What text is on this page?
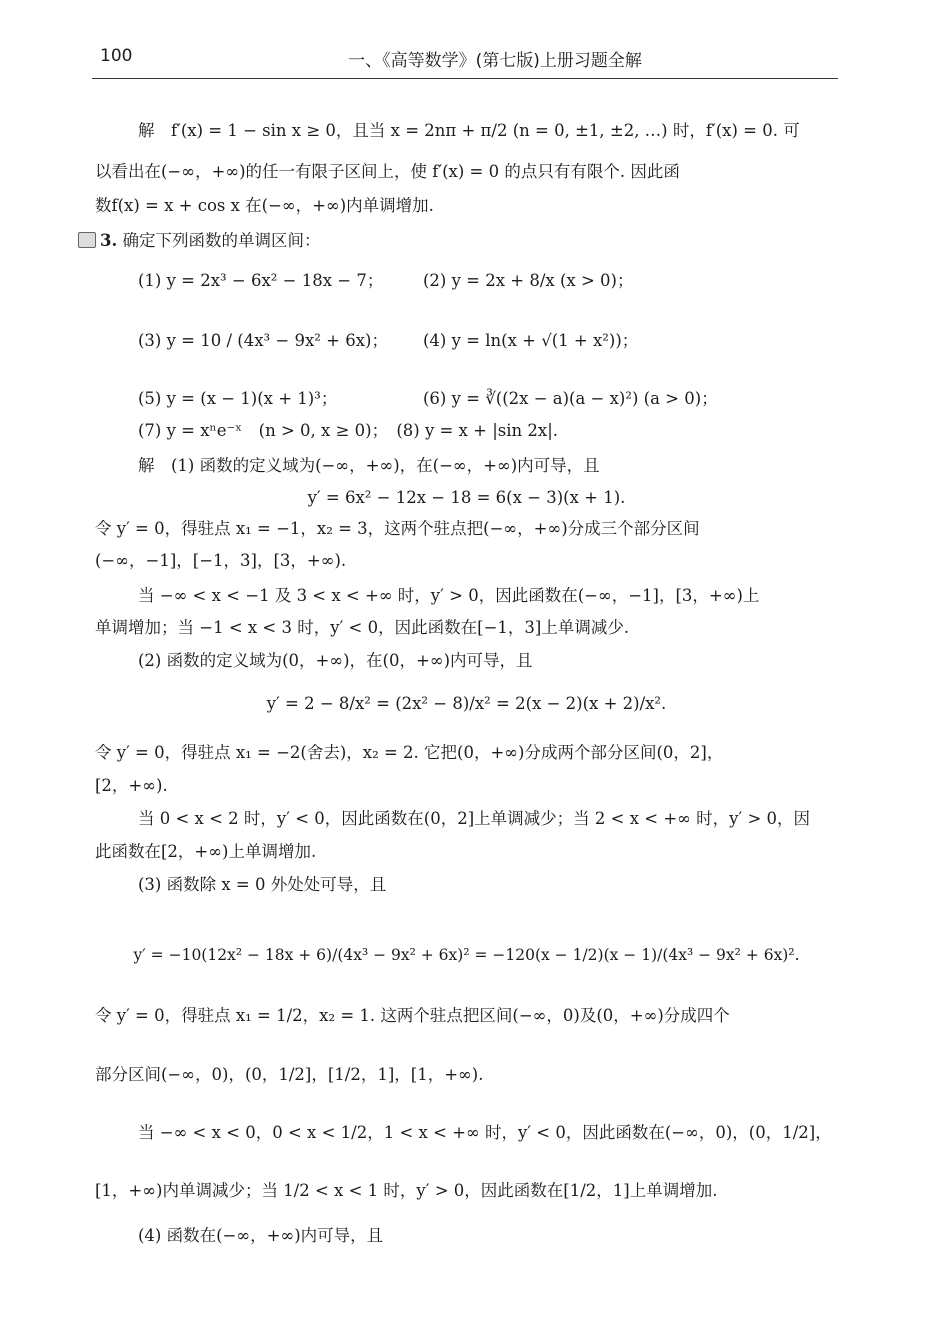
100	一、《高等数学》(第七版)上册习题全解
解　f′(x) = 1 − sin x ≥ 0，且当 x = 2nπ + π/2 (n = 0, ±1, ±2, …) 时，f′(x) = 0. 可
以看出在(−∞，+∞)的任一有限子区间上，使 f′(x) = 0 的点只有有限个. 因此函
数f(x) = x + cos x 在(−∞，+∞)内单调增加.
3. 确定下列函数的单调区间：
(1) y = 2x³ − 6x² − 18x − 7；	(2) y = 2x + 8/x (x > 0)；
(3) y = 10 / (4x³ − 9x² + 6x)；	(4) y = ln(x + √(1 + x²))；
(5) y = (x − 1)(x + 1)³；	(6) y = ∛((2x − a)(a − x)²) (a > 0)；
(7) y = xⁿe⁻ˣ　(n > 0, x ≥ 0)；　(8) y = x + |sin 2x|.
解　(1) 函数的定义域为(−∞，+∞)，在(−∞，+∞)内可导，且
y′ = 6x² − 12x − 18 = 6(x − 3)(x + 1).
令 y′ = 0，得驻点 x₁ = −1，x₂ = 3，这两个驻点把(−∞，+∞)分成三个部分区间
(−∞，−1]，[−1，3]，[3，+∞).
当 −∞ < x < −1 及 3 < x < +∞ 时，y′ > 0，因此函数在(−∞，−1]，[3，+∞)上
单调增加；当 −1 < x < 3 时，y′ < 0，因此函数在[−1，3]上单调减少.
(2) 函数的定义域为(0，+∞)，在(0，+∞)内可导，且
y′ = 2 − 8/x² = (2x² − 8)/x² = 2(x − 2)(x + 2)/x².
令 y′ = 0，得驻点 x₁ = −2(舍去)，x₂ = 2. 它把(0，+∞)分成两个部分区间(0，2]，
[2，+∞).
当 0 < x < 2 时，y′ < 0，因此函数在(0，2]上单调减少；当 2 < x < +∞ 时，y′ > 0，因
此函数在[2，+∞)上单调增加.
(3) 函数除 x = 0 外处处可导，且
y′ = −10(12x² − 18x + 6)/(4x³ − 9x² + 6x)² = −120(x − 1/2)(x − 1)/(4x³ − 9x² + 6x)².
令 y′ = 0，得驻点 x₁ = 1/2，x₂ = 1. 这两个驻点把区间(−∞，0)及(0，+∞)分成四个
部分区间(−∞，0)，(0，1/2]，[1/2，1]，[1，+∞).
当 −∞ < x < 0，0 < x < 1/2，1 < x < +∞ 时，y′ < 0，因此函数在(−∞，0)，(0，1/2]，
[1，+∞)内单调减少；当 1/2 < x < 1 时，y′ > 0，因此函数在[1/2，1]上单调增加.
(4) 函数在(−∞，+∞)内可导，且
